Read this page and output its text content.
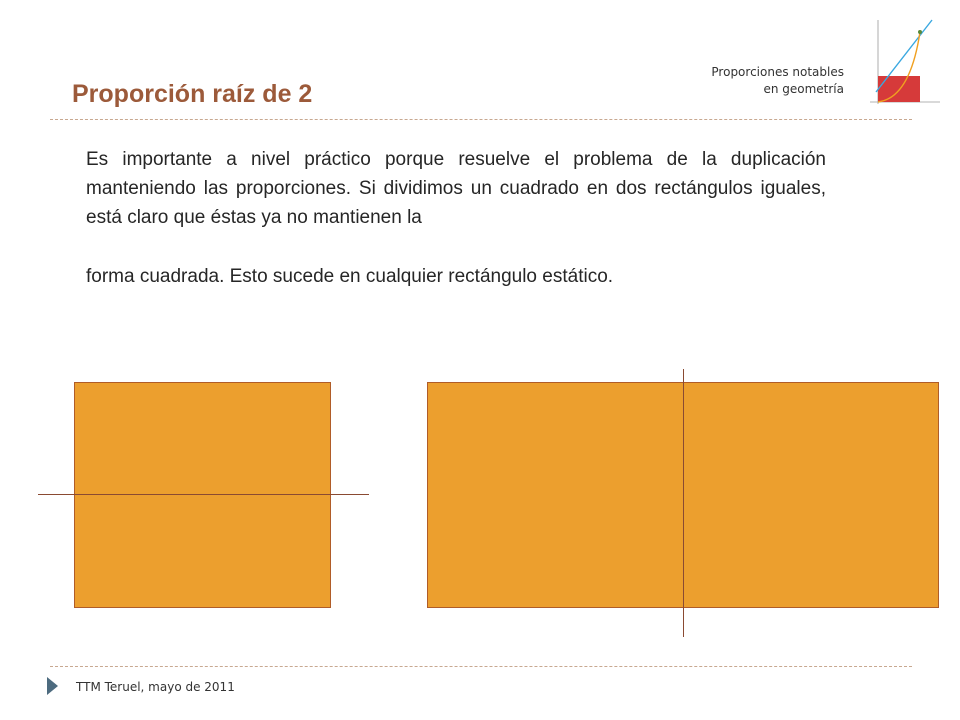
Proporción raíz de 2
Proporciones notables
en geometría

Es importante a nivel práctico porque resuelve el problema de la duplicación manteniendo las proporciones. Si dividimos un cuadrado en dos rectángulos iguales, está claro que éstas ya no mantienen la

forma cuadrada. Esto sucede en cualquier rectángulo estático.

TTM Teruel, mayo de 2011
